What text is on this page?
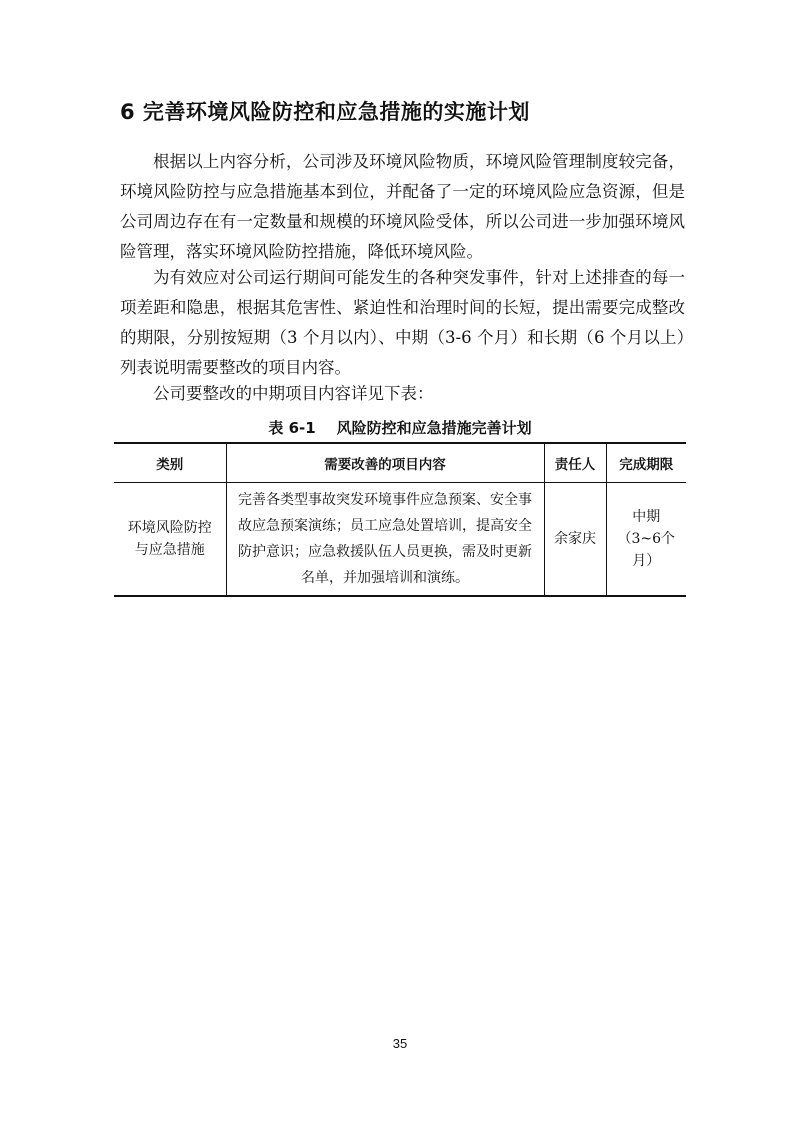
6 完善环境风险防控和应急措施的实施计划

根据以上内容分析，公司涉及环境风险物质，环境风险管理制度较完备，环境风险防控与应急措施基本到位，并配备了一定的环境风险应急资源，但是公司周边存在有一定数量和规模的环境风险受体，所以公司进一步加强环境风险管理，落实环境风险防控措施，降低环境风险。

为有效应对公司运行期间可能发生的各种突发事件，针对上述排查的每一项差距和隐患，根据其危害性、紧迫性和治理时间的长短，提出需要完成整改的期限，分别按短期（3 个月以内）、中期（3-6 个月）和长期（6 个月以上）列表说明需要整改的项目内容。

公司要整改的中期项目内容详见下表：

表 6-1    风险防控和应急措施完善计划
类别	需要改善的项目内容	责任人	完成期限
环境风险防控与应急措施	完善各类型事故突发环境事件应急预案、安全事故应急预案演练；员工应急处置培训，提高安全防护意识；应急救援队伍人员更换，需及时更新名单，并加强培训和演练。	余家庆	中期（3~6个月）
35
